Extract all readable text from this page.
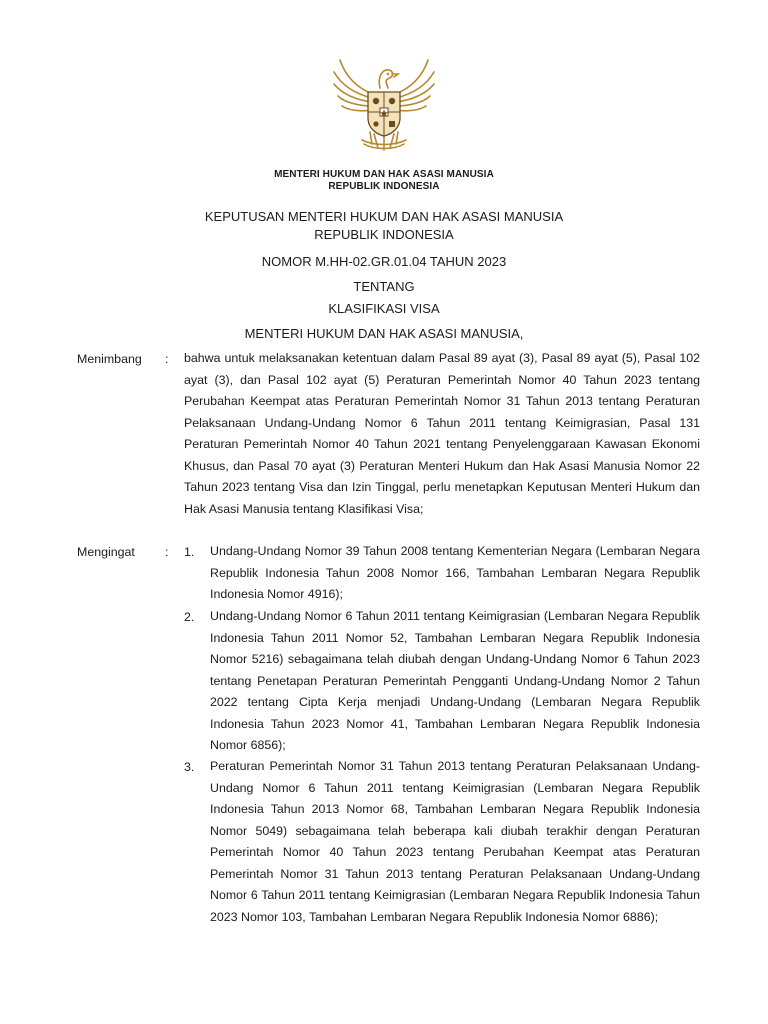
MENTERI HUKUM DAN HAK ASASI MANUSIA
REPUBLIK INDONESIA
KEPUTUSAN MENTERI HUKUM DAN HAK ASASI MANUSIA
REPUBLIK INDONESIA
NOMOR M.HH-02.GR.01.04 TAHUN 2023
TENTANG
KLASIFIKASI VISA
MENTERI HUKUM DAN HAK ASASI MANUSIA,
Menimbang : bahwa untuk melaksanakan ketentuan dalam Pasal 89 ayat (3), Pasal 89 ayat (5), Pasal 102 ayat (3), dan Pasal 102 ayat (5) Peraturan Pemerintah Nomor 40 Tahun 2023 tentang Perubahan Keempat atas Peraturan Pemerintah Nomor 31 Tahun 2013 tentang Peraturan Pelaksanaan Undang-Undang Nomor 6 Tahun 2011 tentang Keimigrasian, Pasal 131 Peraturan Pemerintah Nomor 40 Tahun 2021 tentang Penyelenggaraan Kawasan Ekonomi Khusus, dan Pasal 70 ayat (3) Peraturan Menteri Hukum dan Hak Asasi Manusia Nomor 22 Tahun 2023 tentang Visa dan Izin Tinggal, perlu menetapkan Keputusan Menteri Hukum dan Hak Asasi Manusia tentang Klasifikasi Visa;

Mengingat : 1. Undang-Undang Nomor 39 Tahun 2008 tentang Kementerian Negara (Lembaran Negara Republik Indonesia Tahun 2008 Nomor 166, Tambahan Lembaran Negara Republik Indonesia Nomor 4916);

2. Undang-Undang Nomor 6 Tahun 2011 tentang Keimigrasian (Lembaran Negara Republik Indonesia Tahun 2011 Nomor 52, Tambahan Lembaran Negara Republik Indonesia Nomor 5216) sebagaimana telah diubah dengan Undang-Undang Nomor 6 Tahun 2023 tentang Penetapan Peraturan Pemerintah Pengganti Undang-Undang Nomor 2 Tahun 2022 tentang Cipta Kerja menjadi Undang-Undang (Lembaran Negara Republik Indonesia Tahun 2023 Nomor 41, Tambahan Lembaran Negara Republik Indonesia Nomor 6856);

3. Peraturan Pemerintah Nomor 31 Tahun 2013 tentang Peraturan Pelaksanaan Undang-Undang Nomor 6 Tahun 2011 tentang Keimigrasian (Lembaran Negara Republik Indonesia Tahun 2013 Nomor 68, Tambahan Lembaran Negara Republik Indonesia Nomor 5049) sebagaimana telah beberapa kali diubah terakhir dengan Peraturan Pemerintah Nomor 40 Tahun 2023 tentang Perubahan Keempat atas Peraturan Pemerintah Nomor 31 Tahun 2013 tentang Peraturan Pelaksanaan Undang-Undang Nomor 6 Tahun 2011 tentang Keimigrasian (Lembaran Negara Republik Indonesia Tahun 2023 Nomor 103, Tambahan Lembaran Negara Republik Indonesia Nomor 6886);
